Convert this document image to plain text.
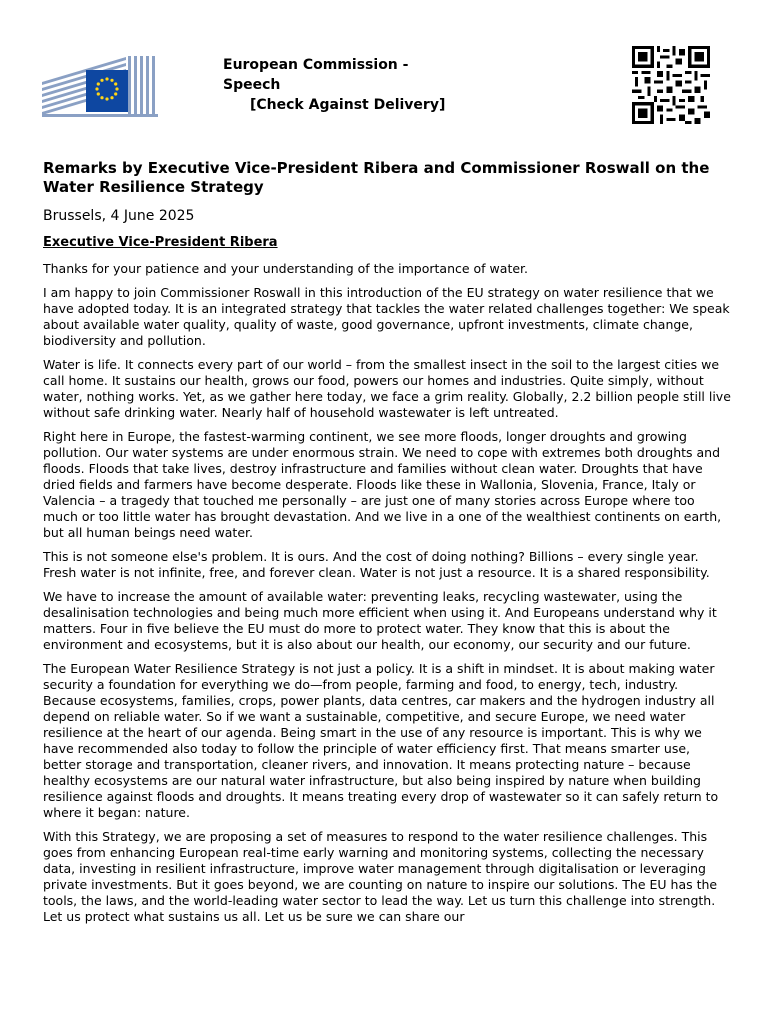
European Commission -
Speech
[Check Against Delivery]
Remarks by Executive Vice-President Ribera and Commissioner Roswall on the Water Resilience Strategy

Brussels, 4 June 2025

Executive Vice-President Ribera

Thanks for your patience and your understanding of the importance of water.

I am happy to join Commissioner Roswall in this introduction of the EU strategy on water resilience that we have adopted today. It is an integrated strategy that tackles the water related challenges together: We speak about available water quality, quality of waste, good governance, upfront investments, climate change, biodiversity and pollution.

Water is life. It connects every part of our world – from the smallest insect in the soil to the largest cities we call home. It sustains our health, grows our food, powers our homes and industries. Quite simply, without water, nothing works. Yet, as we gather here today, we face a grim reality. Globally, 2.2 billion people still live without safe drinking water. Nearly half of household wastewater is left untreated.

Right here in Europe, the fastest-warming continent, we see more floods, longer droughts and growing pollution. Our water systems are under enormous strain. We need to cope with extremes both droughts and floods. Floods that take lives, destroy infrastructure and families without clean water. Droughts that have dried fields and farmers have become desperate. Floods like these in Wallonia, Slovenia, France, Italy or Valencia – a tragedy that touched me personally – are just one of many stories across Europe where too much or too little water has brought devastation. And we live in a one of the wealthiest continents on earth, but all human beings need water.

This is not someone else's problem. It is ours. And the cost of doing nothing? Billions – every single year. Fresh water is not infinite, free, and forever clean. Water is not just a resource. It is a shared responsibility.

We have to increase the amount of available water: preventing leaks, recycling wastewater, using the desalinisation technologies and being much more efficient when using it. And Europeans understand why it matters. Four in five believe the EU must do more to protect water. They know that this is about the environment and ecosystems, but it is also about our health, our economy, our security and our future.

The European Water Resilience Strategy is not just a policy. It is a shift in mindset. It is about making water security a foundation for everything we do—from people, farming and food, to energy, tech, industry. Because ecosystems, families, crops, power plants, data centres, car makers and the hydrogen industry all depend on reliable water. So if we want a sustainable, competitive, and secure Europe, we need water resilience at the heart of our agenda. Being smart in the use of any resource is important. This is why we have recommended also today to follow the principle of water efficiency first. That means smarter use, better storage and transportation, cleaner rivers, and innovation. It means protecting nature – because healthy ecosystems are our natural water infrastructure, but also being inspired by nature when building resilience against floods and droughts. It means treating every drop of wastewater so it can safely return to where it began: nature.

With this Strategy, we are proposing a set of measures to respond to the water resilience challenges. This goes from enhancing European real-time early warning and monitoring systems, collecting the necessary data, investing in resilient infrastructure, improve water management through digitalisation or leveraging private investments. But it goes beyond, we are counting on nature to inspire our solutions. The EU has the tools, the laws, and the world-leading water sector to lead the way. Let us turn this challenge into strength. Let us protect what sustains us all. Let us be sure we can share our
